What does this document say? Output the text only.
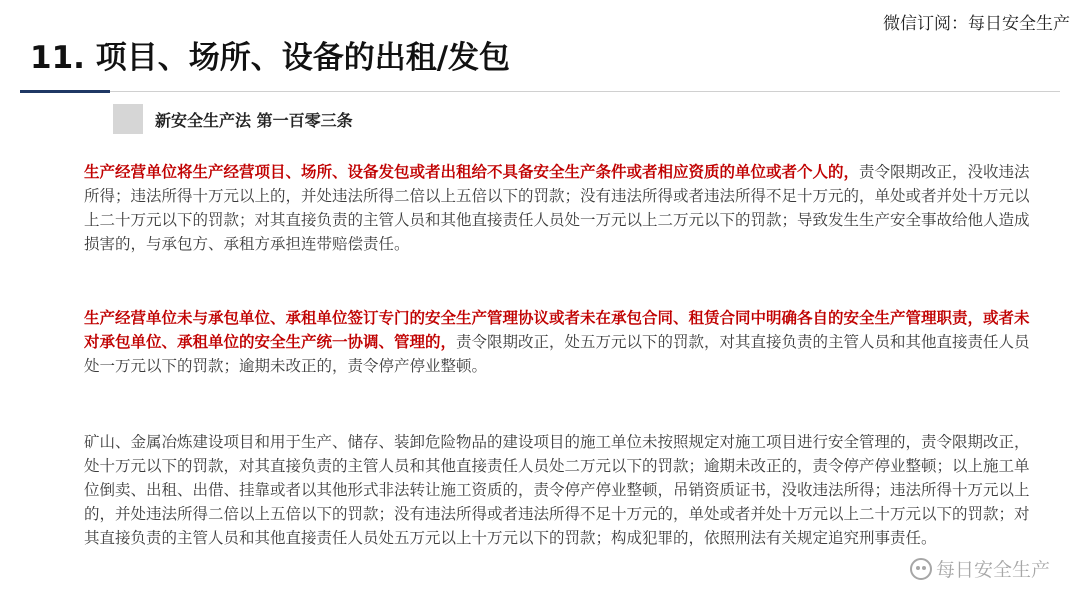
微信订阅：每日安全生产
11. 项目、场所、设备的出租/发包
新安全生产法 第一百零三条
生产经营单位将生产经营项目、场所、设备发包或者出租给不具备安全生产条件或者相应资质的单位或者个人的，责令限期改正，没收违法所得；违法所得十万元以上的，并处违法所得二倍以上五倍以下的罚款；没有违法所得或者违法所得不足十万元的，单处或者并处十万元以上二十万元以下的罚款；对其直接负责的主管人员和其他直接责任人员处一万元以上二万元以下的罚款；导致发生生产安全事故给他人造成损害的，与承包方、承租方承担连带赔偿责任。
生产经营单位未与承包单位、承租单位签订专门的安全生产管理协议或者未在承包合同、租赁合同中明确各自的安全生产管理职责，或者未对承包单位、承租单位的安全生产统一协调、管理的，责令限期改正，处五万元以下的罚款，对其直接负责的主管人员和其他直接责任人员处一万元以下的罚款；逾期未改正的，责令停产停业整顿。
矿山、金属冶炼建设项目和用于生产、储存、装卸危险物品的建设项目的施工单位未按照规定对施工项目进行安全管理的，责令限期改正，处十万元以下的罚款，对其直接负责的主管人员和其他直接责任人员处二万元以下的罚款；逾期未改正的，责令停产停业整顿；以上施工单位倒卖、出租、出借、挂靠或者以其他形式非法转让施工资质的，责令停产停业整顿，吊销资质证书，没收违法所得；违法所得十万元以上的，并处违法所得二倍以上五倍以下的罚款；没有违法所得或者违法所得不足十万元的，单处或者并处十万元以上二十万元以下的罚款；对其直接负责的主管人员和其他直接责任人员处五万元以上十万元以下的罚款；构成犯罪的，依照刑法有关规定追究刑事责任。
每日安全生产
